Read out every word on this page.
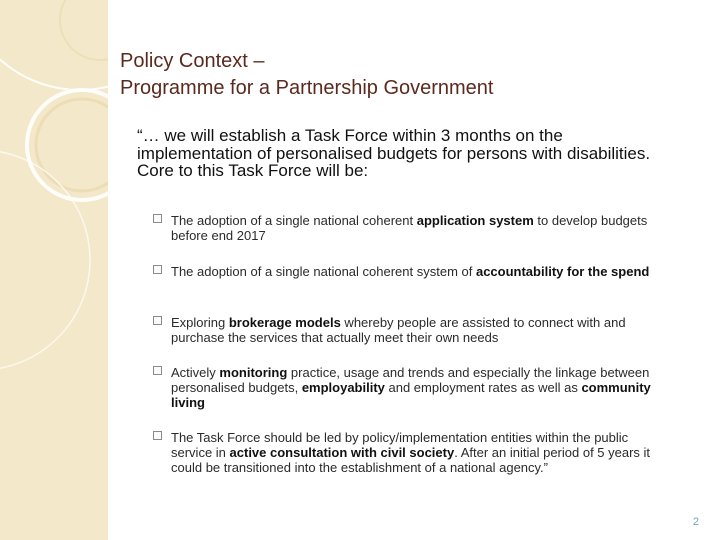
Policy Context –
Programme for a Partnership Government
“… we will establish a Task Force within 3 months on the implementation of personalised budgets for persons with disabilities. Core to this Task Force will be:
The adoption of a single national coherent application system to develop budgets before end 2017
The adoption of a single national coherent system of accountability for the spend
Exploring brokerage models whereby people are assisted to connect with and purchase the services that actually meet their own needs
Actively monitoring practice, usage and trends and especially the linkage between personalised budgets, employability and employment rates as well as community living
The Task Force should be led by policy/implementation entities within the public service in active consultation with civil society. After an initial period of 5 years it could be transitioned into the establishment of a national agency.”
2
